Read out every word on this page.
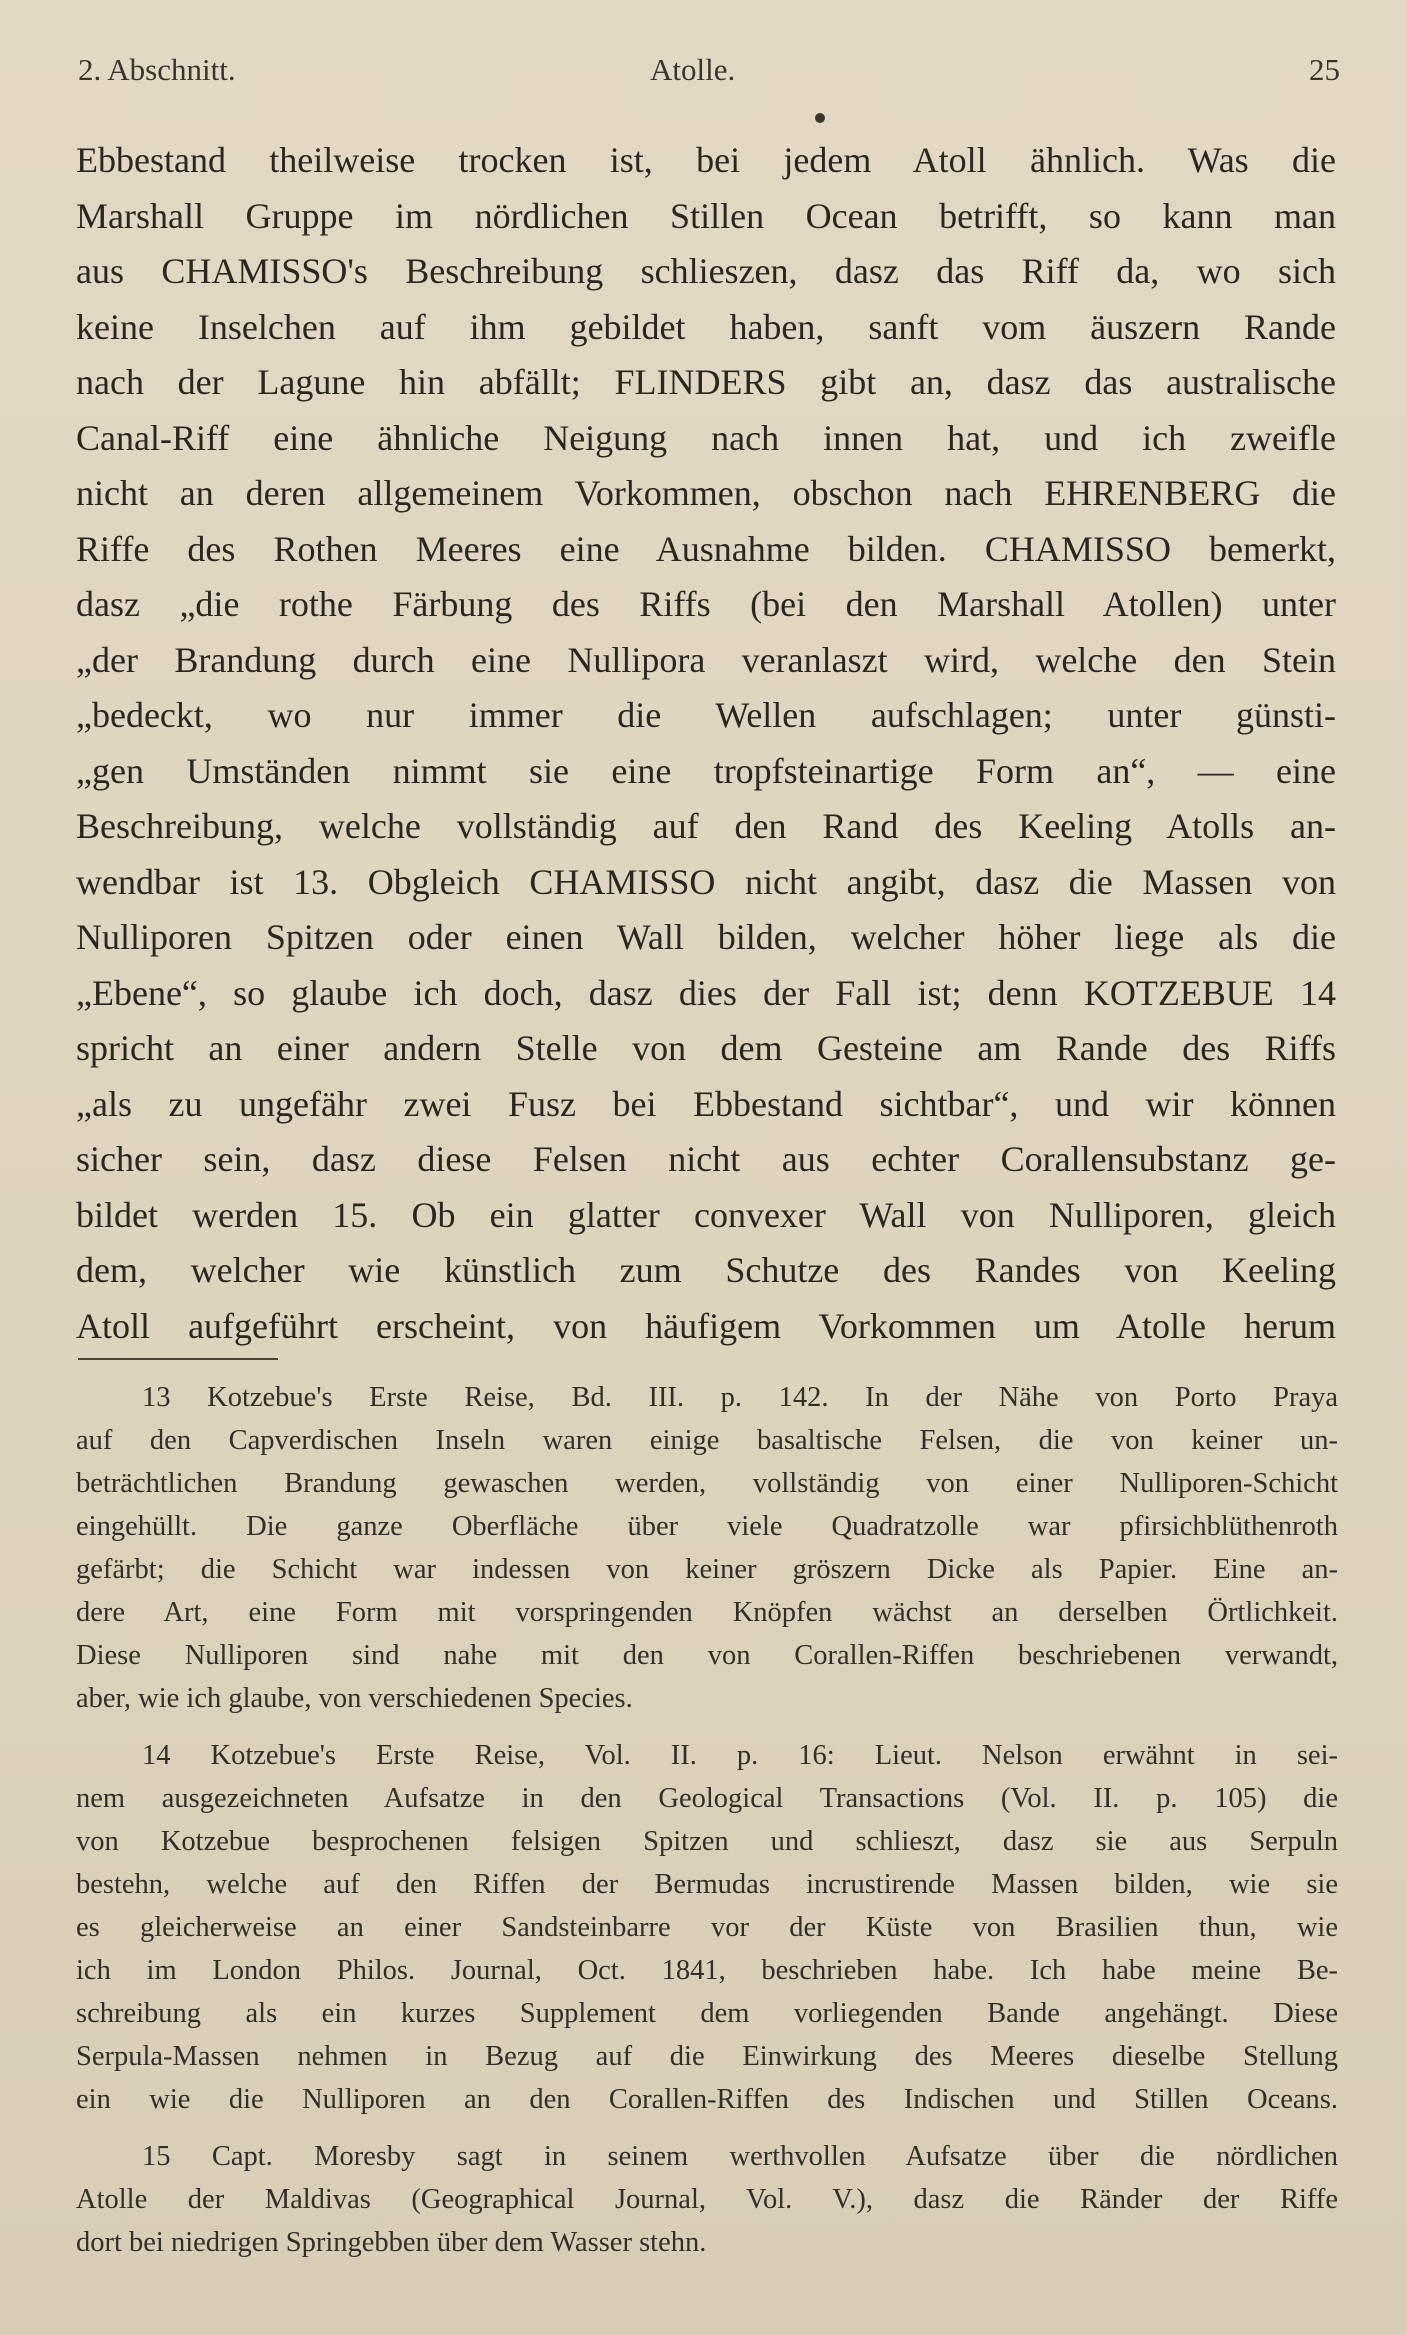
2. Abschnitt.	Atolle.	25
Ebbestand theilweise trocken ist, bei jedem Atoll ähnlich. Was die
Marshall Gruppe im nördlichen Stillen Ocean betrifft, so kann man
aus CHAMISSO's Beschreibung schlieszen, dasz das Riff da, wo sich
keine Inselchen auf ihm gebildet haben, sanft vom äuszern Rande
nach der Lagune hin abfällt; FLINDERS gibt an, dasz das australische
Canal-Riff eine ähnliche Neigung nach innen hat, und ich zweifle
nicht an deren allgemeinem Vorkommen, obschon nach EHRENBERG die
Riffe des Rothen Meeres eine Ausnahme bilden. CHAMISSO bemerkt,
dasz „die rothe Färbung des Riffs (bei den Marshall Atollen) unter
„der Brandung durch eine Nullipora veranlaszt wird, welche den Stein
„bedeckt, wo nur immer die Wellen aufschlagen; unter günsti-
„gen Umständen nimmt sie eine tropfsteinartige Form an“, — eine
Beschreibung, welche vollständig auf den Rand des Keeling Atolls an-
wendbar ist 13. Obgleich CHAMISSO nicht angibt, dasz die Massen von
Nulliporen Spitzen oder einen Wall bilden, welcher höher liege als die
„Ebene“, so glaube ich doch, dasz dies der Fall ist; denn KOTZEBUE 14
spricht an einer andern Stelle von dem Gesteine am Rande des Riffs
„als zu ungefähr zwei Fusz bei Ebbestand sichtbar“, und wir können
sicher sein, dasz diese Felsen nicht aus echter Corallensubstanz ge-
bildet werden 15. Ob ein glatter convexer Wall von Nulliporen, gleich
dem, welcher wie künstlich zum Schutze des Randes von Keeling
Atoll aufgeführt erscheint, von häufigem Vorkommen um Atolle herum
13 Kotzebue's Erste Reise, Bd. III. p. 142. In der Nähe von Porto Praya
auf den Capverdischen Inseln waren einige basaltische Felsen, die von keiner un-
beträchtlichen Brandung gewaschen werden, vollständig von einer Nulliporen-Schicht
eingehüllt. Die ganze Oberfläche über viele Quadratzolle war pfirsichblüthenroth
gefärbt; die Schicht war indessen von keiner gröszern Dicke als Papier. Eine an-
dere Art, eine Form mit vorspringenden Knöpfen wächst an derselben Örtlichkeit.
Diese Nulliporen sind nahe mit den von Corallen-Riffen beschriebenen verwandt,
aber, wie ich glaube, von verschiedenen Species.
14 Kotzebue's Erste Reise, Vol. II. p. 16: Lieut. Nelson erwähnt in sei-
nem ausgezeichneten Aufsatze in den Geological Transactions (Vol. II. p. 105) die
von Kotzebue besprochenen felsigen Spitzen und schlieszt, dasz sie aus Serpuln
bestehn, welche auf den Riffen der Bermudas incrustirende Massen bilden, wie sie
es gleicherweise an einer Sandsteinbarre vor der Küste von Brasilien thun, wie
ich im London Philos. Journal, Oct. 1841, beschrieben habe. Ich habe meine Be-
schreibung als ein kurzes Supplement dem vorliegenden Bande angehängt. Diese
Serpula-Massen nehmen in Bezug auf die Einwirkung des Meeres dieselbe Stellung
ein wie die Nulliporen an den Corallen-Riffen des Indischen und Stillen Oceans.
15 Capt. Moresby sagt in seinem werthvollen Aufsatze über die nördlichen
Atolle der Maldivas (Geographical Journal, Vol. V.), dasz die Ränder der Riffe
dort bei niedrigen Springebben über dem Wasser stehn.
